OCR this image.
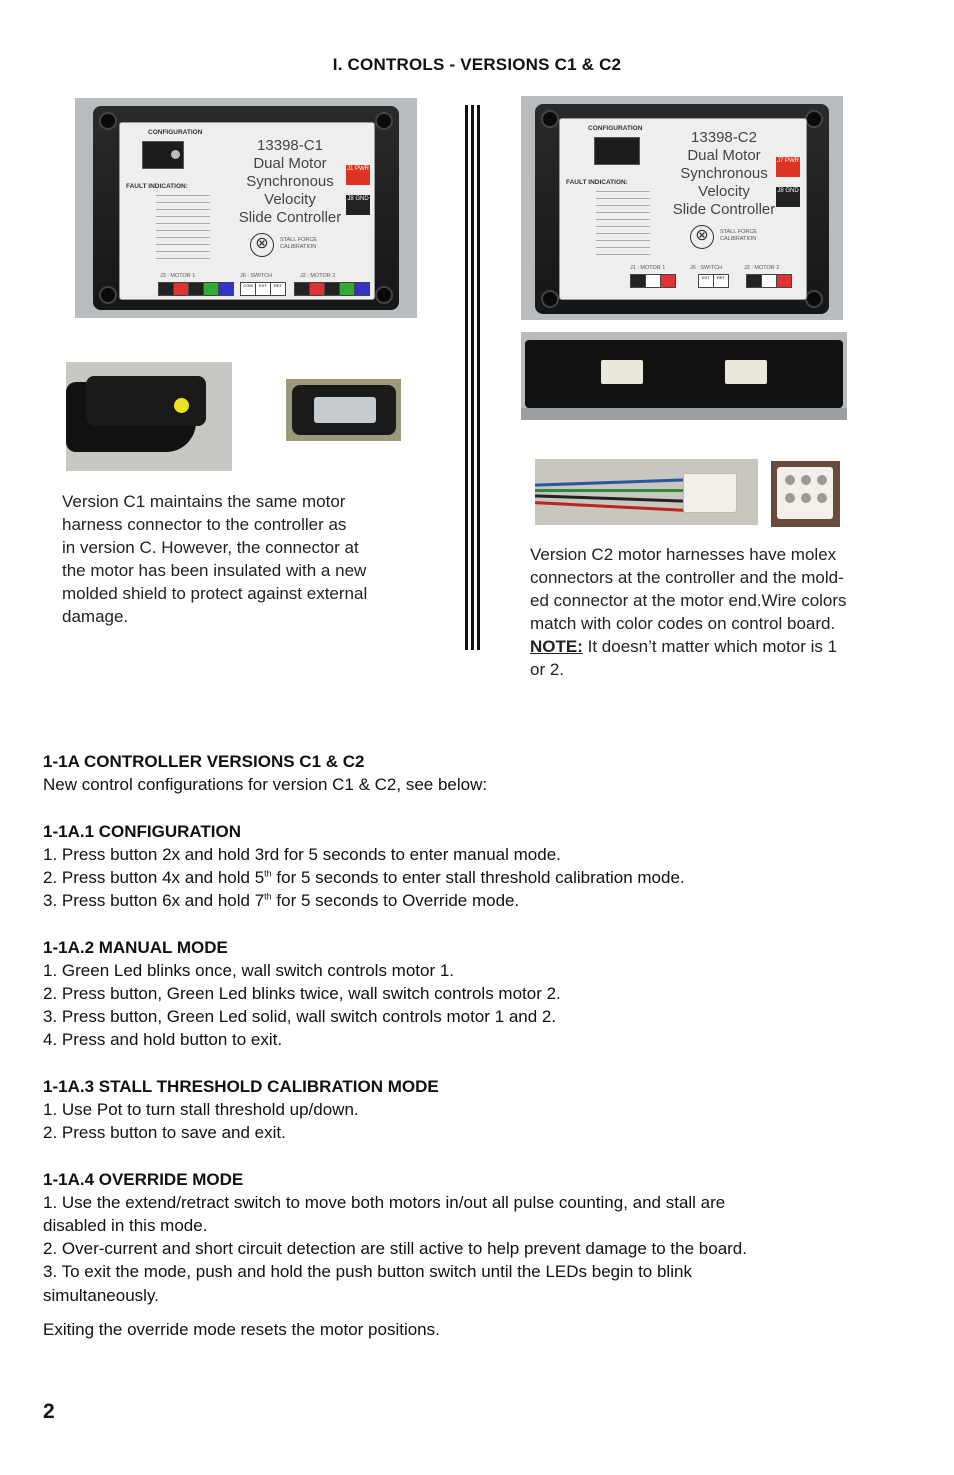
I. CONTROLS - VERSIONS C1 & C2
CONFIGURATION
13398-C1
Dual Motor
Synchronous
Velocity
Slide Controller
FAULT INDICATION:
J1 PWR
J8 GND
⊗	STALL FORCE CALIBRATION
J3 : MOTOR 1	J6 : SWITCH	J2 : MOTOR 2
COM	EXT	RET
Version C1 maintains the same motor
harness connector to the controller as
in version C. However, the connector at
the motor has been insulated with a new
molded shield to protect against external
damage.
CONFIGURATION
13398-C2
Dual Motor
Synchronous
Velocity
Slide Controller
FAULT INDICATION:
J7 PWR
J8 GND
⊗	STALL FORCE CALIBRATION
J1 : MOTOR 1	J6 : SWITCH	J2 : MOTOR 2
EXT	RET
Version C2 motor harnesses have molex
connectors at the controller and the mold-
ed connector at the motor end.Wire colors
match with color codes on control board.
NOTE: It doesn’t matter which motor is 1
or 2.
1-1A CONTROLLER VERSIONS C1 & C2
New control configurations for version C1 & C2, see below:
1-1A.1 CONFIGURATION
1. Press button 2x and hold 3rd for 5 seconds to enter manual mode.
2. Press button 4x and hold 5th for 5 seconds to enter stall threshold calibration mode.
3. Press button 6x and hold 7th for 5 seconds to Override mode.
1-1A.2 MANUAL MODE
1. Green Led blinks once, wall switch controls motor 1.
2. Press button, Green Led blinks twice, wall switch controls motor 2.
3. Press button, Green Led solid, wall switch controls motor 1 and 2.
4. Press and hold button to exit.
1-1A.3 STALL THRESHOLD CALIBRATION MODE
1. Use Pot to turn stall threshold up/down.
2. Press button to save and exit.
1-1A.4 OVERRIDE MODE
1. Use the extend/retract switch to move both motors in/out all pulse counting, and stall are
disabled in this mode.
2. Over-current and short circuit detection are still active to help prevent damage to the board.
3. To exit the mode, push and hold the push button switch until the LEDs begin to blink
simultaneously.
Exiting the override mode resets the motor positions.
2
